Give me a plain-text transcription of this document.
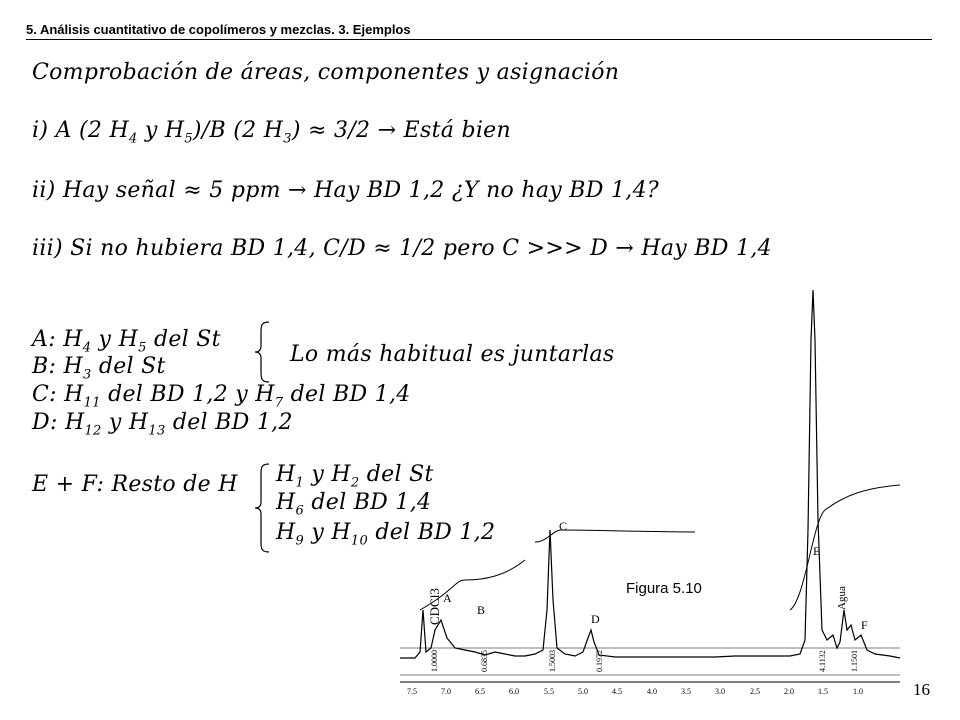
5. Análisis cuantitativo de copolímeros y mezclas. 3. Ejemplos
Comprobación de áreas, componentes y asignación
i) A (2 $H_4$ y $H_5)/B$ (2 $H_3) \approx 3/2$ → Está bien
ii) Hay señal ≈ 5 ppm → Hay BD 1,2 ¿Y no hay BD 1,4?
iii) Si no hubiera BD 1,4, C/D ≈ 1/2 pero C >>> D → Hay BD 1,4
CDCl3 A
B
C
D
E
Agua
F
1.0000	0.6835	1.5003	0.1972	4.1132	1.1501
7.5	7.0	6.5	6.0	5.5	5.0	4.5	4.0	3.5	3.0	2.5	2.0	1.5	1.0
A: $H_4$ y $H_5$ del St
B: $H_3$ del St
C: $H_{11}$ del BD 1,2 y $H_7$ del BD 1,4
D: $H_{12}$ y $H_{13}$ del BD 1,2
Lo más habitual es juntarlas
E + F: Resto de H $H_1$ y $H_2$ del St
$H_6$ del BD 1,4
$H_9$ y $H_{10}$ del BD 1,2
Figura 5.10
16
